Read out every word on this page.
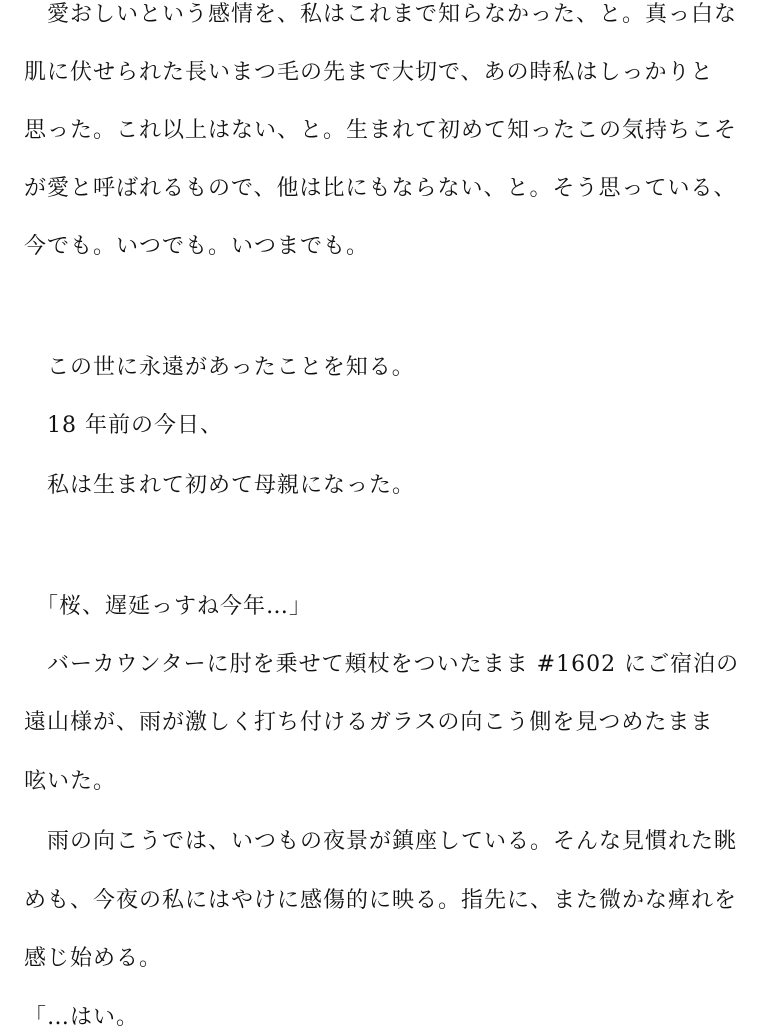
　愛おしいという感情を、私はこれまで知らなかった、と。真っ白な
肌に伏せられた長いまつ毛の先まで大切で、あの時私はしっかりと
思った。これ以上はない、と。生まれて初めて知ったこの気持ちこそ
が愛と呼ばれるもので、他は比にもならない、と。そう思っている、
今でも。いつでも。いつまでも。
　この世に永遠があったことを知る。
　18 年前の今日、
　私は生まれて初めて母親になった。
　「桜、遅延っすね今年…」
　バーカウンターに肘を乗せて頬杖をついたまま #1602 にご宿泊の
遠山様が、雨が激しく打ち付けるガラスの向こう側を見つめたまま
呟いた。
　雨の向こうでは、いつもの夜景が鎮座している。そんな見慣れた眺
めも、今夜の私にはやけに感傷的に映る。指先に、また微かな痺れを
感じ始める。
「…はい。
